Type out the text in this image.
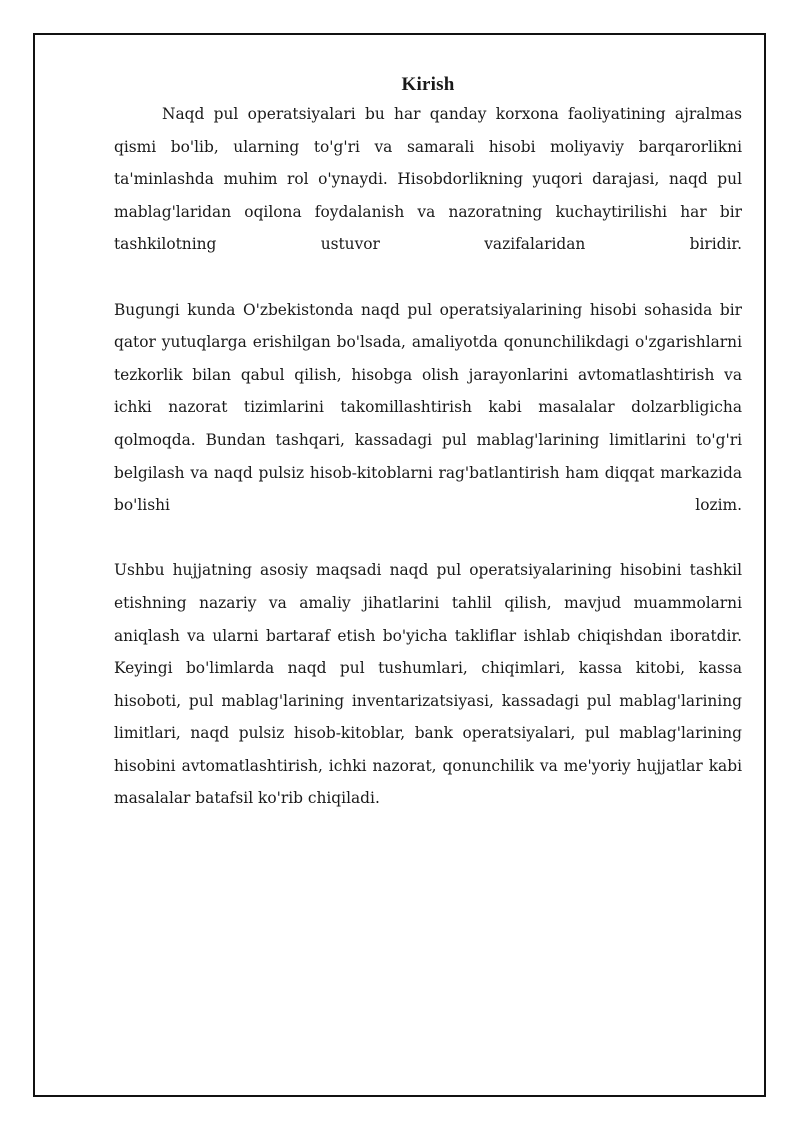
Kirish

Naqd pul operatsiyalari bu har qanday korxona faoliyatining ajralmas qismi bo'lib, ularning to'g'ri va samarali hisobi moliyaviy barqarorlikni ta'minlashda muhim rol o'ynaydi. Hisobdorlikning yuqori darajasi, naqd pul mablag'laridan oqilona foydalanish va nazoratning kuchaytirilishi har bir tashkilotning ustuvor vazifalaridan biridir.

Bugungi kunda O'zbekistonda naqd pul operatsiyalarining hisobi sohasida bir qator yutuqlarga erishilgan bo'lsada, amaliyotda qonunchilikdagi o'zgarishlarni tezkorlik bilan qabul qilish, hisobga olish jarayonlarini avtomatlashtirish va ichki nazorat tizimlarini takomillashtirish kabi masalalar dolzarbligicha qolmoqda. Bundan tashqari, kassadagi pul mablag'larining limitlarini to'g'ri belgilash va naqd pulsiz hisob-kitoblarni rag'batlantirish ham diqqat markazida bo'lishi lozim.

Ushbu hujjatning asosiy maqsadi naqd pul operatsiyalarining hisobini tashkil etishning nazariy va amaliy jihatlarini tahlil qilish, mavjud muammolarni aniqlash va ularni bartaraf etish bo'yicha takliflar ishlab chiqishdan iboratdir. Keyingi bo'limlarda naqd pul tushumlari, chiqimlari, kassa kitobi, kassa hisoboti, pul mablag'larining inventarizatsiyasi, kassadagi pul mablag'larining limitlari, naqd pulsiz hisob-kitoblar, bank operatsiyalari, pul mablag'larining hisobini avtomatlashtirish, ichki nazorat, qonunchilik va me'yoriy hujjatlar kabi masalalar batafsil ko'rib chiqiladi.
